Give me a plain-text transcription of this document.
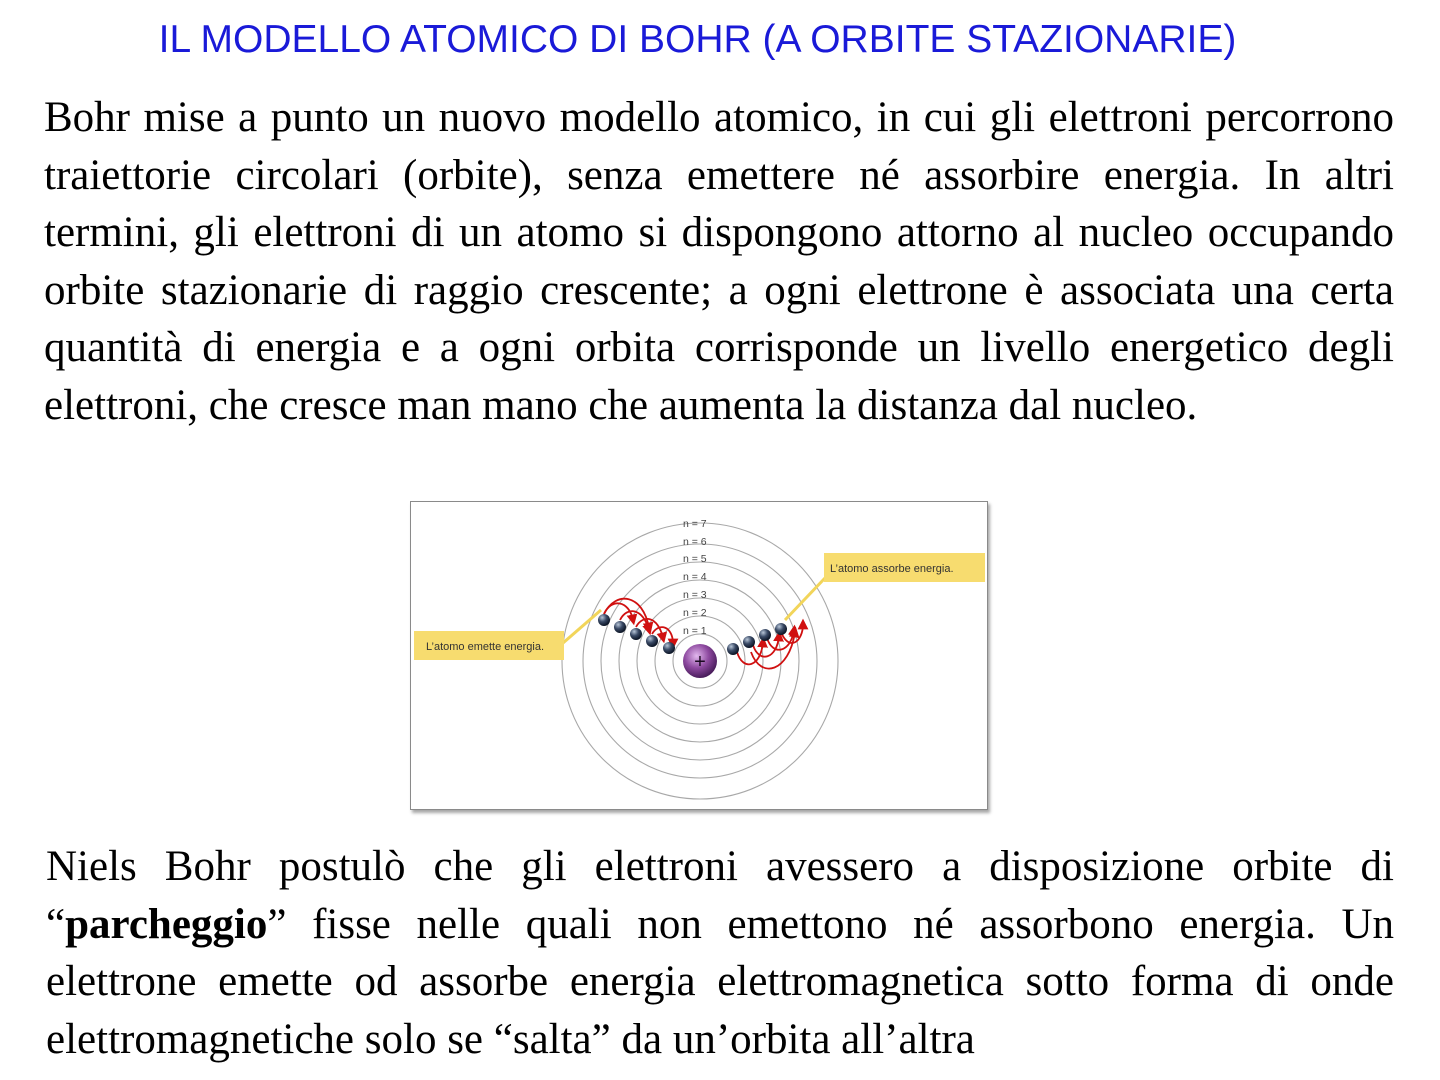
IL MODELLO ATOMICO DI BOHR (A ORBITE STAZIONARIE)
Bohr mise a punto un nuovo modello atomico, in cui gli elettroni percorrono traiettorie circolari (orbite), senza emettere né assorbire energia. In altri termini, gli elettroni di un atomo si dispongono attorno al nucleo occupando orbite stazionarie di raggio crescente; a ogni elettrone è associata una certa quantità di energia e a ogni orbita corrisponde un livello energetico degli elettroni, che cresce man mano che aumenta la distanza dal nucleo.
n = 1
n = 2
n = 3
n = 4
n = 5
n = 6
n = 7
L’atomo emette energia.
L’atomo assorbe energia.
+
Niels Bohr postulò che gli elettroni avessero a disposizione orbite di “parcheggio” fisse nelle quali non emettono né assorbono energia. Un elettrone emette od assorbe energia elettromagnetica sotto forma di onde elettromagnetiche solo se “salta” da un’orbita all’altra
